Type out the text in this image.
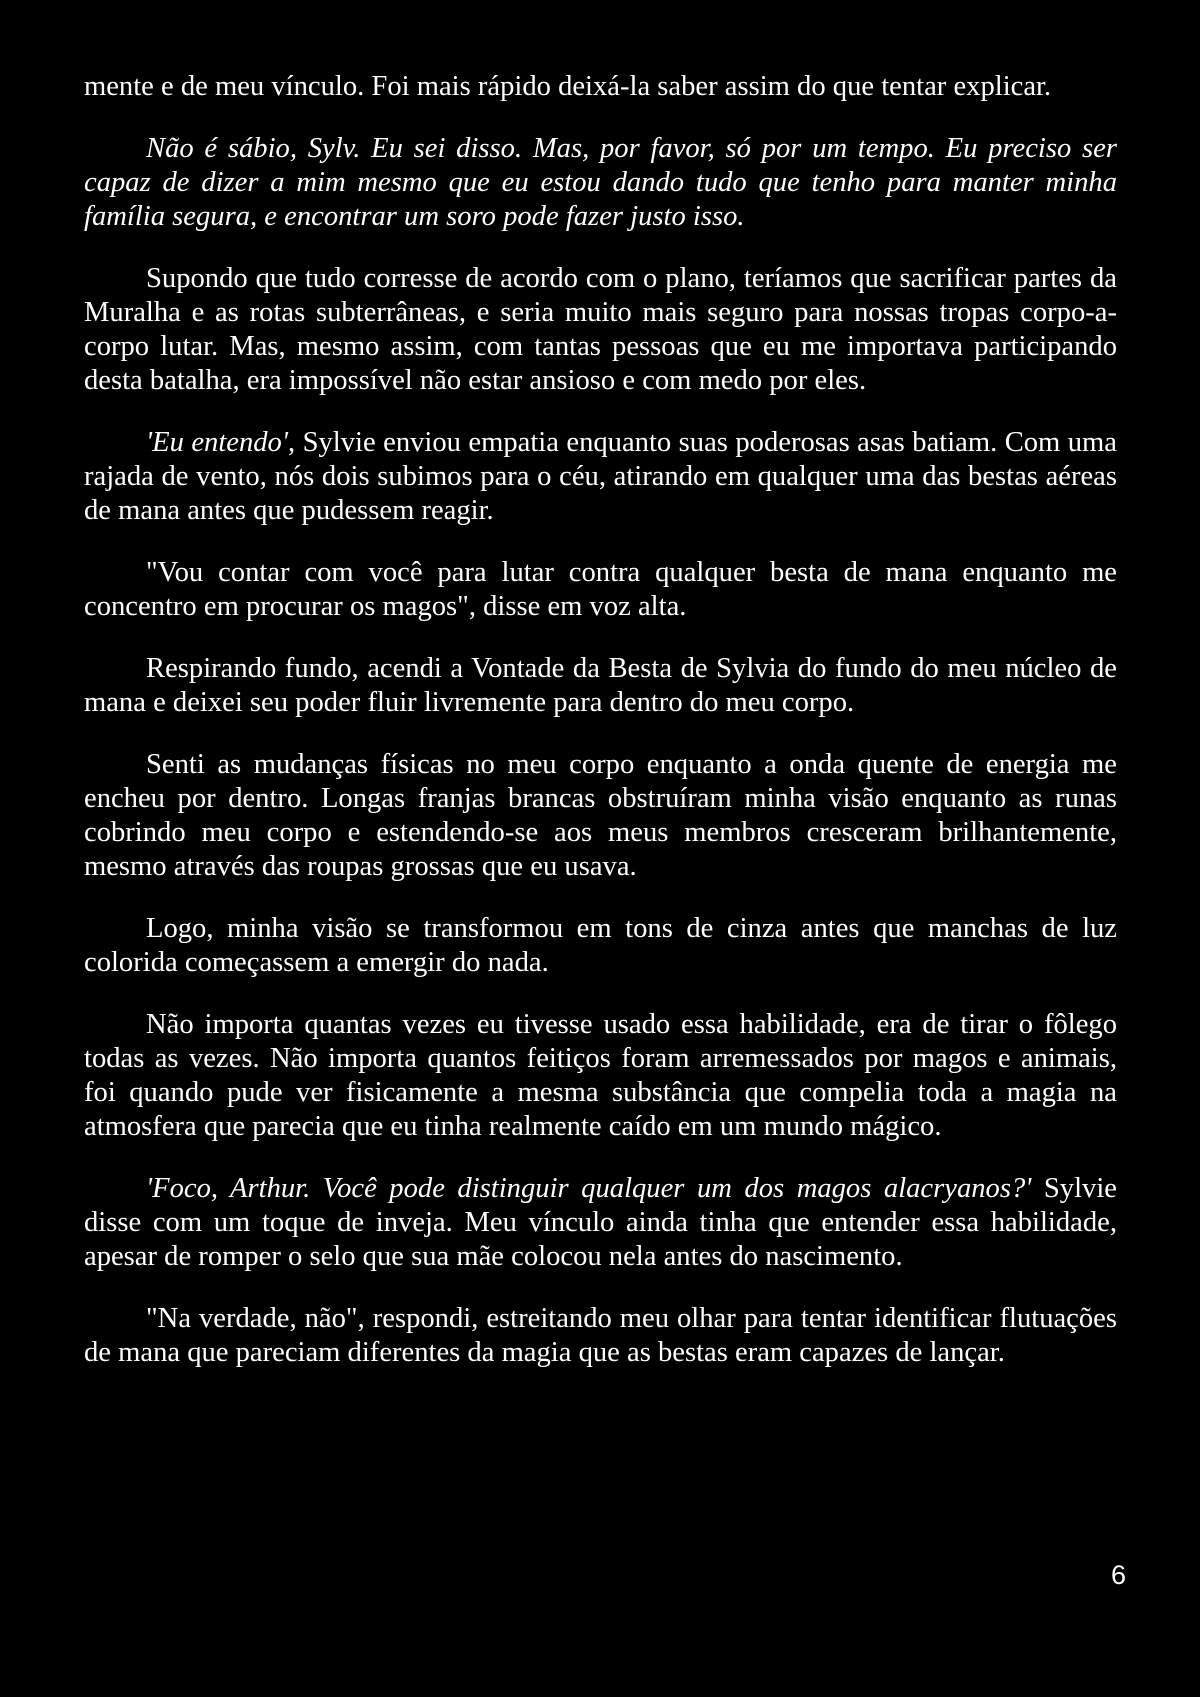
mente e de meu vínculo. Foi mais rápido deixá-la saber assim do que tentar explicar.

Não é sábio, Sylv. Eu sei disso. Mas, por favor, só por um tempo. Eu preciso ser capaz de dizer a mim mesmo que eu estou dando tudo que tenho para manter minha família segura, e encontrar um soro pode fazer justo isso.

Supondo que tudo corresse de acordo com o plano, teríamos que sacrificar partes da Muralha e as rotas subterrâneas, e seria muito mais seguro para nossas tropas corpo-a-corpo lutar. Mas, mesmo assim, com tantas pessoas que eu me importava participando desta batalha, era impossível não estar ansioso e com medo por eles.

'Eu entendo', Sylvie enviou empatia enquanto suas poderosas asas batiam. Com uma rajada de vento, nós dois subimos para o céu, atirando em qualquer uma das bestas aéreas de mana antes que pudessem reagir.

"Vou contar com você para lutar contra qualquer besta de mana enquanto me concentro em procurar os magos", disse em voz alta.

Respirando fundo, acendi a Vontade da Besta de Sylvia do fundo do meu núcleo de mana e deixei seu poder fluir livremente para dentro do meu corpo.

Senti as mudanças físicas no meu corpo enquanto a onda quente de energia me encheu por dentro. Longas franjas brancas obstruíram minha visão enquanto as runas cobrindo meu corpo e estendendo-se aos meus membros cresceram brilhantemente, mesmo através das roupas grossas que eu usava.

Logo, minha visão se transformou em tons de cinza antes que manchas de luz colorida começassem a emergir do nada.

Não importa quantas vezes eu tivesse usado essa habilidade, era de tirar o fôlego todas as vezes. Não importa quantos feitiços foram arremessados por magos e animais, foi quando pude ver fisicamente a mesma substância que compelia toda a magia na atmosfera que parecia que eu tinha realmente caído em um mundo mágico.

'Foco, Arthur. Você pode distinguir qualquer um dos magos alacryanos?' Sylvie disse com um toque de inveja. Meu vínculo ainda tinha que entender essa habilidade, apesar de romper o selo que sua mãe colocou nela antes do nascimento.

"Na verdade, não", respondi, estreitando meu olhar para tentar identificar flutuações de mana que pareciam diferentes da magia que as bestas eram capazes de lançar.

6
